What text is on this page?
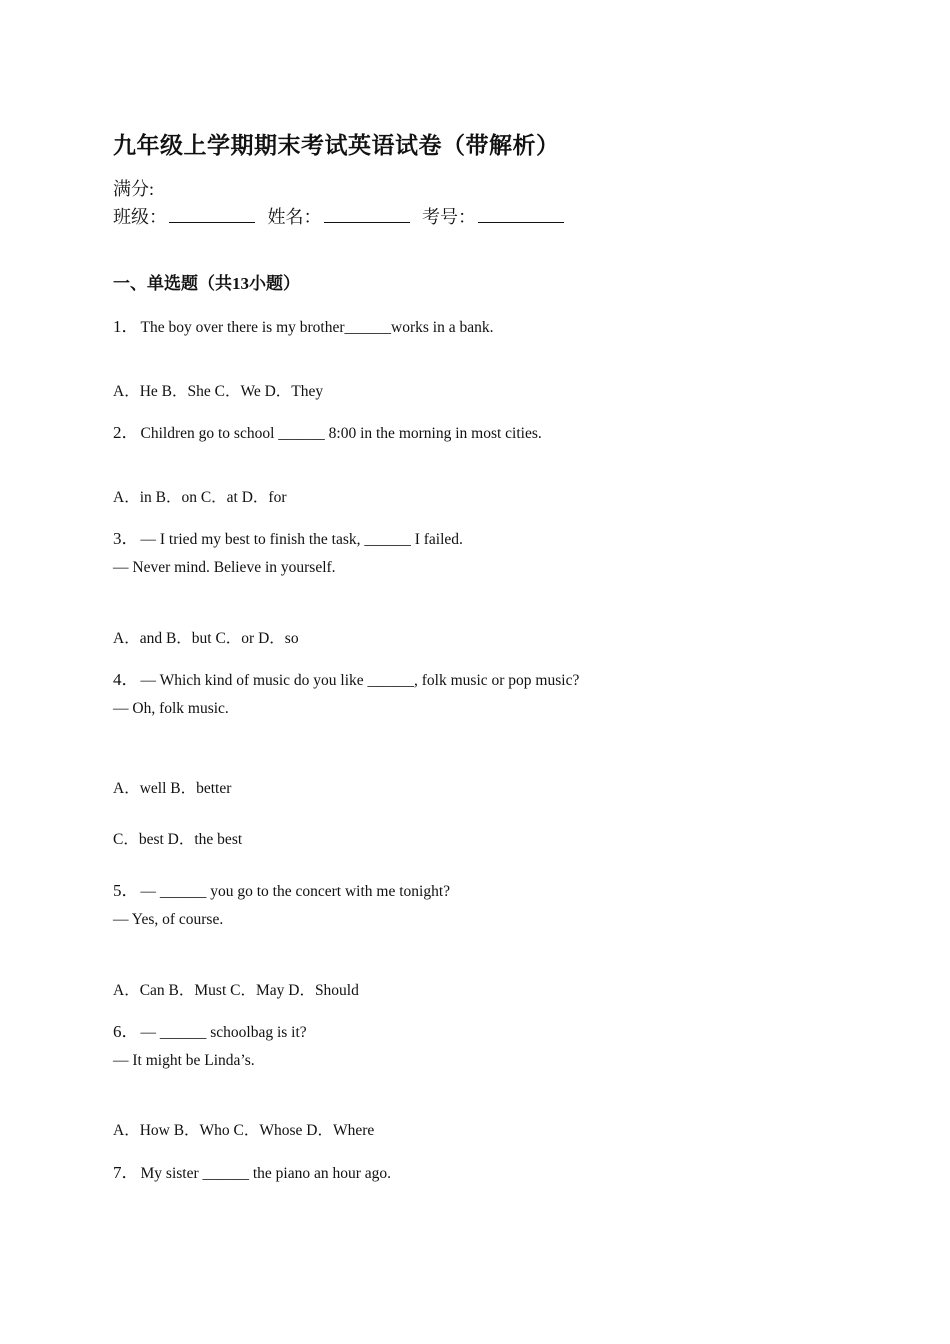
九年级上学期期末考试英语试卷（带解析）
满分:
班级：	姓名：	考号：
一、单选题（共13小题）
1． The boy over there is my brother______works in a bank.
A．He B．She C．We D．They
2． Children go to school ______ 8:00 in the morning in most cities.
A．in B．on C．at D．for
3． — I tried my best to finish the task, ______ I failed.
— Never mind. Believe in yourself.
A．and B．but C．or D．so
4． — Which kind of music do you like ______, folk music or pop music?
— Oh, folk music.
A．well B．better
C．best D．the best
5． — ______ you go to the concert with me tonight?
— Yes, of course.
A．Can B．Must C．May D．Should
6． — ______ schoolbag is it?
— It might be Linda’s.
A．How B．Who C．Whose D．Where
7． My sister ______ the piano an hour ago.
